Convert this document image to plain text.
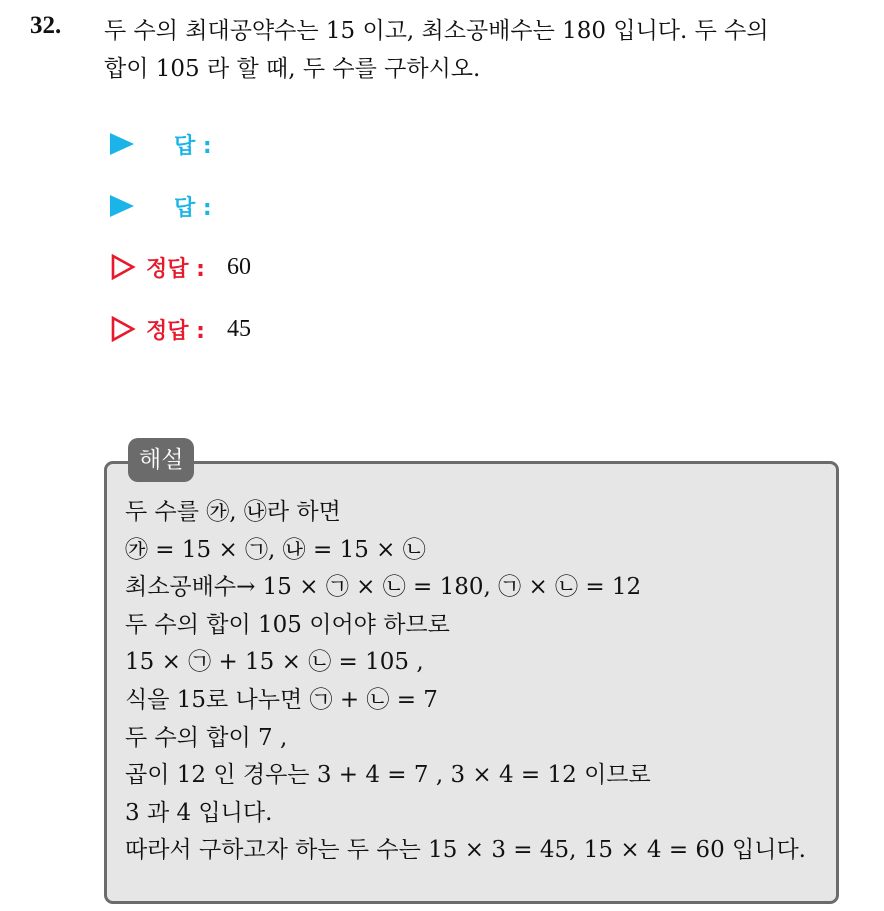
32. 두 수의 최대공약수는 15 이고, 최소공배수는 180 입니다. 두 수의
합이 105 라 할 때, 두 수를 구하시오.
답 :
답 :
정답 : 60
정답 : 45
해설
두 수를 ㉮, ㉯라 하면
㉮ = 15 × ㉠, ㉯ = 15 × ㉡
최소공배수→ 15 × ㉠ × ㉡ = 180, ㉠ × ㉡ = 12
두 수의 합이 105 이어야 하므로
15 × ㉠ + 15 × ㉡ = 105 ,
식을 15로 나누면 ㉠ + ㉡ = 7
두 수의 합이 7 ,
곱이 12 인 경우는 3 + 4 = 7 , 3 × 4 = 12 이므로
3 과 4 입니다.
따라서 구하고자 하는 두 수는 15 × 3 = 45, 15 × 4 = 60 입니다.
